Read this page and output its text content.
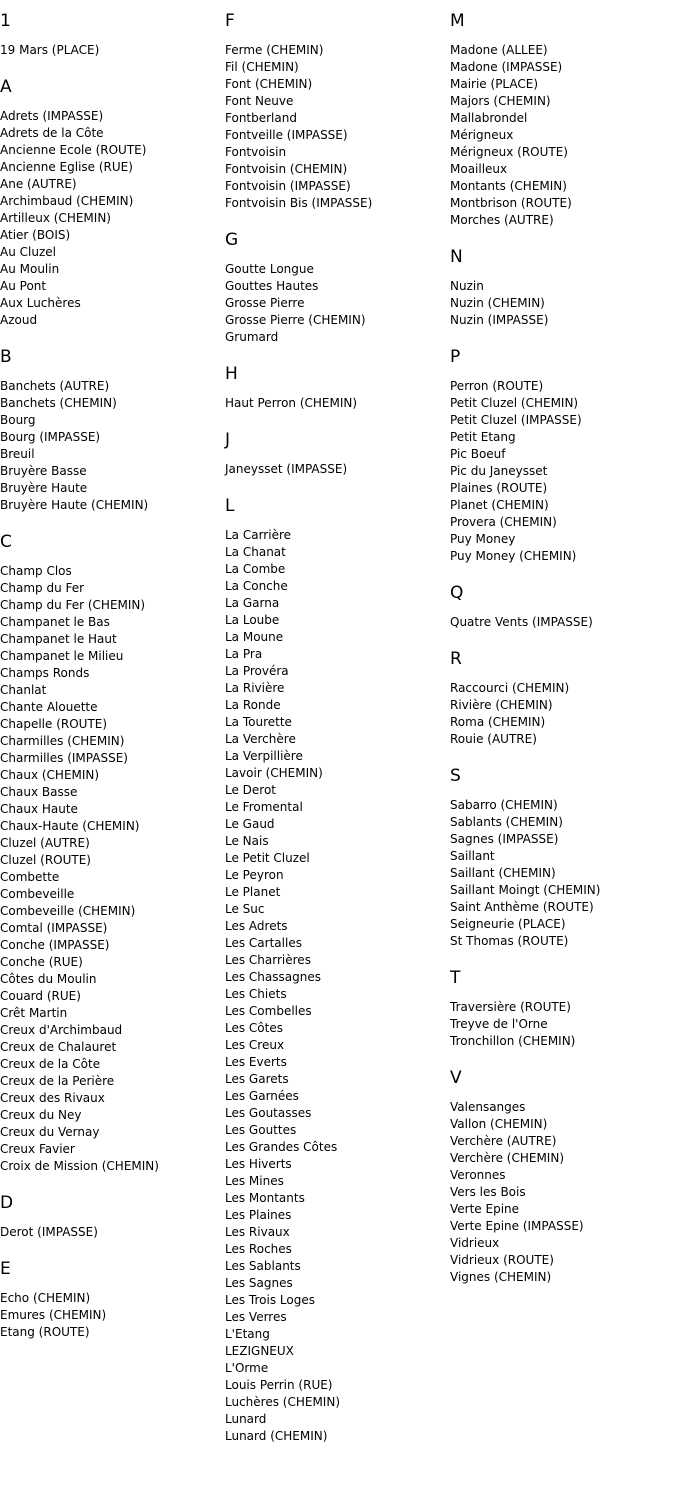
1
19 Mars (PLACE)
A
Adrets (IMPASSE)
Adrets de la Côte
Ancienne Ecole (ROUTE)
Ancienne Eglise (RUE)
Ane (AUTRE)
Archimbaud (CHEMIN)
Artilleux (CHEMIN)
Atier (BOIS)
Au Cluzel
Au Moulin
Au Pont
Aux Luchères
Azoud
B
Banchets (AUTRE)
Banchets (CHEMIN)
Bourg
Bourg (IMPASSE)
Breuil
Bruyère Basse
Bruyère Haute
Bruyère Haute (CHEMIN)
C
Champ Clos
Champ du Fer
Champ du Fer (CHEMIN)
Champanet le Bas
Champanet le Haut
Champanet le Milieu
Champs Ronds
Chanlat
Chante Alouette
Chapelle (ROUTE)
Charmilles (CHEMIN)
Charmilles (IMPASSE)
Chaux (CHEMIN)
Chaux Basse
Chaux Haute
Chaux-Haute (CHEMIN)
Cluzel (AUTRE)
Cluzel (ROUTE)
Combette
Combeveille
Combeveille (CHEMIN)
Comtal (IMPASSE)
Conche (IMPASSE)
Conche (RUE)
Côtes du Moulin
Couard (RUE)
Crêt Martin
Creux d'Archimbaud
Creux de Chalauret
Creux de la Côte
Creux de la Perière
Creux des Rivaux
Creux du Ney
Creux du Vernay
Creux Favier
Croix de Mission (CHEMIN)
D
Derot (IMPASSE)
E
Echo (CHEMIN)
Emures (CHEMIN)
Etang (ROUTE)
F
Ferme (CHEMIN)
Fil (CHEMIN)
Font (CHEMIN)
Font Neuve
Fontberland
Fontveille (IMPASSE)
Fontvoisin
Fontvoisin (CHEMIN)
Fontvoisin (IMPASSE)
Fontvoisin Bis (IMPASSE)
G
Goutte Longue
Gouttes Hautes
Grosse Pierre
Grosse Pierre (CHEMIN)
Grumard
H
Haut Perron (CHEMIN)
J
Janeysset (IMPASSE)
L
La Carrière
La Chanat
La Combe
La Conche
La Garna
La Loube
La Moune
La Pra
La Provéra
La Rivière
La Ronde
La Tourette
La Verchère
La Verpillière
Lavoir (CHEMIN)
Le Derot
Le Fromental
Le Gaud
Le Nais
Le Petit Cluzel
Le Peyron
Le Planet
Le Suc
Les Adrets
Les Cartalles
Les Charrières
Les Chassagnes
Les Chiets
Les Combelles
Les Côtes
Les Creux
Les Everts
Les Garets
Les Garnées
Les Goutasses
Les Gouttes
Les Grandes Côtes
Les Hiverts
Les Mines
Les Montants
Les Plaines
Les Rivaux
Les Roches
Les Sablants
Les Sagnes
Les Trois Loges
Les Verres
L'Etang
LEZIGNEUX
L'Orme
Louis Perrin (RUE)
Luchères (CHEMIN)
Lunard
Lunard (CHEMIN)
M
Madone (ALLEE)
Madone (IMPASSE)
Mairie (PLACE)
Majors (CHEMIN)
Mallabrondel
Mérigneux
Mérigneux (ROUTE)
Moailleux
Montants (CHEMIN)
Montbrison (ROUTE)
Morches (AUTRE)
N
Nuzin
Nuzin (CHEMIN)
Nuzin (IMPASSE)
P
Perron (ROUTE)
Petit Cluzel (CHEMIN)
Petit Cluzel (IMPASSE)
Petit Etang
Pic Boeuf
Pic du Janeysset
Plaines (ROUTE)
Planet (CHEMIN)
Provera (CHEMIN)
Puy Money
Puy Money (CHEMIN)
Q
Quatre Vents (IMPASSE)
R
Raccourci (CHEMIN)
Rivière (CHEMIN)
Roma (CHEMIN)
Rouie (AUTRE)
S
Sabarro (CHEMIN)
Sablants (CHEMIN)
Sagnes (IMPASSE)
Saillant
Saillant (CHEMIN)
Saillant Moingt (CHEMIN)
Saint Anthème (ROUTE)
Seigneurie (PLACE)
St Thomas (ROUTE)
T
Traversière (ROUTE)
Treyve de l'Orne
Tronchillon (CHEMIN)
V
Valensanges
Vallon (CHEMIN)
Verchère (AUTRE)
Verchère (CHEMIN)
Veronnes
Vers les Bois
Verte Epine
Verte Epine (IMPASSE)
Vidrieux
Vidrieux (ROUTE)
Vignes (CHEMIN)
